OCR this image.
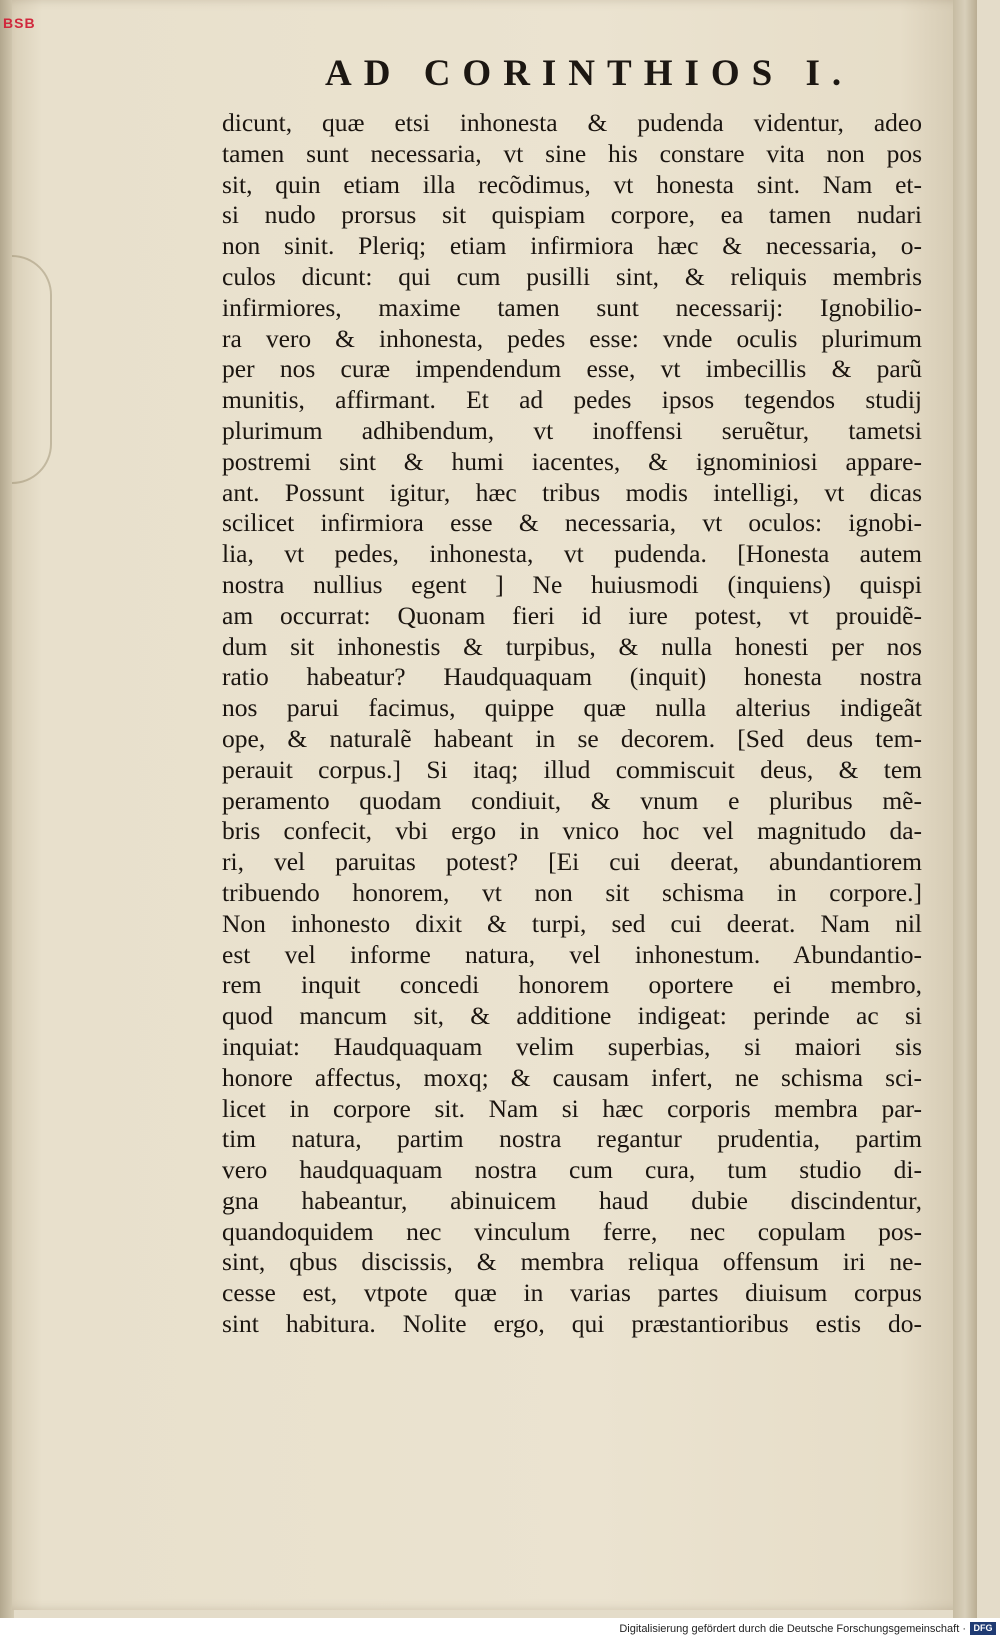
BSB
AD CORINTHIOS I.
dicunt, quæ etsi inhonesta & pudenda videntur, adeo
tamen sunt necessaria, vt sine his constare vita non pos
sit, quin etiam illa recõdimus, vt honesta sint. Nam et-
si nudo prorsus sit quispiam corpore, ea tamen nudari
non sinit. Pleriq; etiam infirmiora hæc & necessaria, o-
culos dicunt: qui cum pusilli sint, & reliquis membris
infirmiores, maxime tamen sunt necessarij: Ignobilio-
ra vero & inhonesta, pedes esse: vnde oculis plurimum
per nos curæ impendendum esse, vt imbecillis & parũ
munitis, affirmant. Et ad pedes ipsos tegendos studij
plurimum adhibendum, vt inoffensi seruẽtur, tametsi
postremi sint & humi iacentes, & ignominiosi appare-
ant. Possunt igitur, hæc tribus modis intelligi, vt dicas
scilicet infirmiora esse & necessaria, vt oculos: ignobi-
lia, vt pedes, inhonesta, vt pudenda. [Honesta autem
nostra nullius egent ] Ne huiusmodi (inquiens) quispi
am occurrat: Quonam fieri id iure potest, vt prouidẽ-
dum sit inhonestis & turpibus, & nulla honesti per nos
ratio habeatur? Haudquaquam (inquit) honesta nostra
nos parui facimus, quippe quæ nulla alterius indigeãt
ope, & naturalẽ habeant in se decorem. [Sed deus tem-
perauit corpus.] Si itaq; illud commiscuit deus, & tem
peramento quodam condiuit, & vnum e pluribus mẽ-
bris confecit, vbi ergo in vnico hoc vel magnitudo da-
ri, vel paruitas potest? [Ei cui deerat, abundantiorem
tribuendo honorem, vt non sit schisma in corpore.]
Non inhonesto dixit & turpi, sed cui deerat. Nam nil
est vel informe natura, vel inhonestum. Abundantio-
rem inquit concedi honorem oportere ei membro,
quod mancum sit, & additione indigeat: perinde ac si
inquiat: Haudquaquam velim superbias, si maiori sis
honore affectus, moxq; & causam infert, ne schisma sci-
licet in corpore sit. Nam si hæc corporis membra par-
tim natura, partim nostra regantur prudentia, partim
vero haudquaquam nostra cum cura, tum studio di-
gna habeantur, abinuicem haud dubie discindentur,
quandoquidem nec vinculum ferre, nec copulam pos-
sint, qbus discissis, & membra reliqua offensum iri ne-
cesse est, vtpote quæ in varias partes diuisum corpus
sint habitura. Nolite ergo, qui præstantioribus estis do-
Digitalisierung gefördert durch die Deutsche Forschungsgemeinschaft · DFG
